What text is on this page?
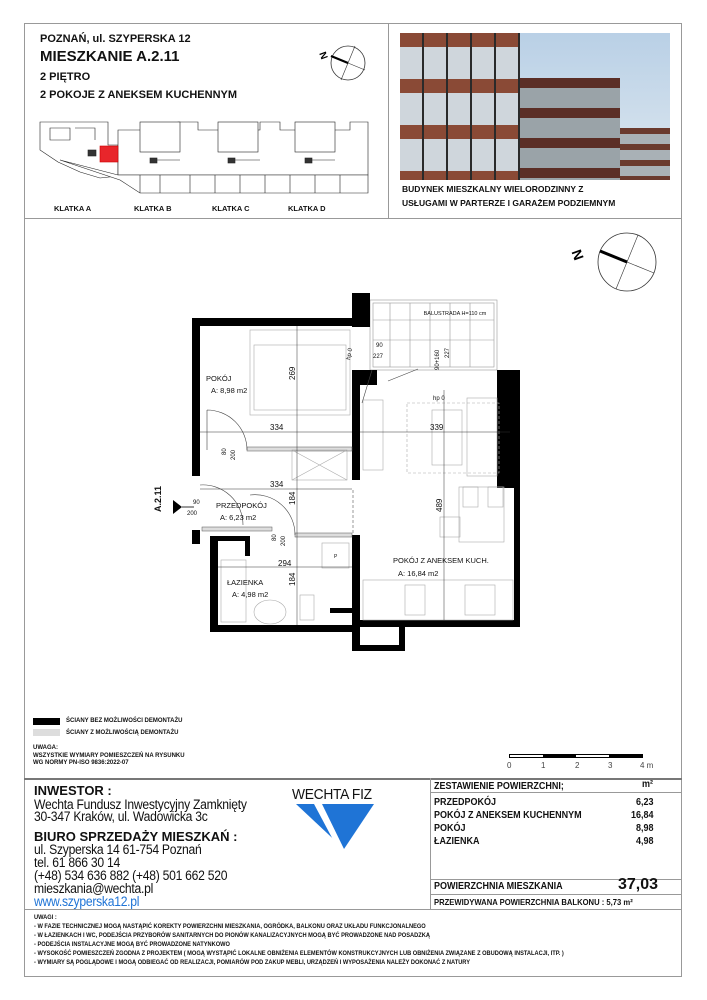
POZNAŃ, ul. SZYPERSKA 12
MIESZKANIE A.2.11
2 PIĘTRO
2 POKOJE Z ANEKSEM KUCHENNYM
N
KLATKA A	KLATKA B	KLATKA C	KLATKA D
BUDYNEK MIESZKALNY WIELORODZINNY Z
USŁUGAMI W PARTERZE I GARAŻEM PODZIEMNYM
N
BALUSTRADA H=110 cm
POKÓJ
A: 8,98 m2
PRZEDPOKÓJ
A: 6,23 m2
ŁAZIENKA
A: 4,98 m2
POKÓJ Z ANEKSEM KUCH.
A: 16,84 m2
334	339
334
294
269
184
184
489
80 200
80 200
90
200
90
227	90+160 227
hp 0
hp 0
P
A.2.11
ŚCIANY BEZ MOŻLIWOŚCI DEMONTAŻU
ŚCIANY Z MOŻLIWOŚCIĄ DEMONTAŻU
UWAGA:
WSZYSTKIE WYMIARY POMIESZCZEŃ NA RYSUNKU
WG NORMY PN-ISO 9836:2022-07	0	1	2	3	4 m
INWESTOR :
Wechta Fundusz Inwestycyjny Zamknięty
30-347 Kraków, ul. Wadowicka 3c
BIURO SPRZEDAŻY MIESZKAŃ :
ul. Szyperska 14 61-754 Poznań
tel. 61 866 30 14
(+48) 534 636 882 (+48) 501 662 520
mieszkania@wechta.pl
www.szyperska12.pl
WECHTA FIZ	ZESTAWIENIE POWIERZCHNI;	m²
PRZEDPOKÓJ	6,23
POKÓJ Z ANEKSEM KUCHENNYM	16,84
POKÓJ	8,98
ŁAZIENKA	4,98
POWIERZCHNIA MIESZKANIA	37,03
PRZEWIDYWANA POWIERZCHNIA BALKONU : 5,73 m²
UWAGI :
- W FAZIE TECHNICZNEJ MOGĄ NASTĄPIĆ KOREKTY POWIERZCHNI MIESZKANIA, OGRÓDKA, BALKONU ORAZ UKŁADU FUNKCJONALNEGO
- W ŁAZIENKACH I WC, PODEJŚCIA PRZYBORÓW SANITARNYCH DO PIONÓW KANALIZACYJNYCH MOGĄ BYĆ PROWADZONE NAD POSADZKĄ
- PODEJŚCIA INSTALACYJNE MOGĄ BYĆ PROWADZONE NATYNKOWO
- WYSOKOŚĆ POMIESZCZEŃ ZGODNA Z PROJEKTEM ( MOGĄ WYSTĄPIĆ LOKALNE OBNIŻENIA ELEMENTÓW KONSTRUKCYJNYCH LUB OBNIŻENIA ZWIĄZANE Z OBUDOWĄ INSTALACJI, ITP. )
- WYMIARY SĄ POGLĄDOWE I MOGĄ ODBIEGAĆ OD REALIZACJI, POMIARÓW POD ZAKUP MEBLI, URZĄDZEŃ I WYPOSAŻENIA NALEŻY DOKONAĆ Z NATURY
